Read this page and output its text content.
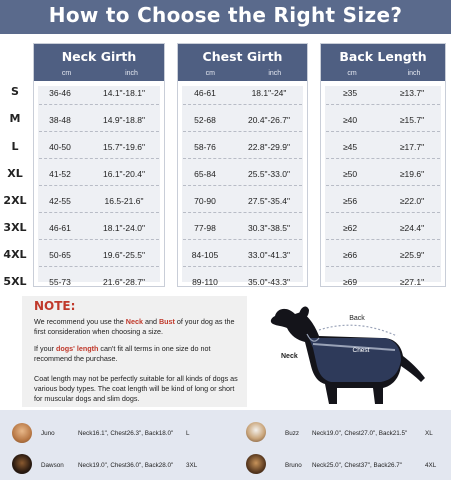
How to Choose the Right Size?
S
M
L
XL
2XL
3XL
4XL
5XL
Neck Girth
cm	inch
Chest Girth
cm	inch
Back Length
cm	inch
36-46	14.1"-18.1"
38-48	14.9"-18.8"
40-50	15.7"-19.6"
41-52	16.1"-20.4"
42-55	16.5-21.6"
46-61	18.1"-24.0"
50-65	19.6"-25.5"
55-73	21.6"-28.7"
46-61	18.1"-24"
52-68	20.4"-26.7"
58-76	22.8"-29.9"
65-84	25.5"-33.0"
70-90	27.5"-35.4"
77-98	30.3"-38.5"
84-105	33.0"-41.3"
89-110	35.0"-43.3"
≥35	≥13.7"
≥40	≥15.7"
≥45	≥17.7"
≥50	≥19.6"
≥56	≥22.0"
≥62	≥24.4"
≥66	≥25.9"
≥69	≥27.1"
NOTE:
We recommend you use the Neck and Bust of your dog as the first consideration when choosing a size.
If your dogs' length can't fit all terms in one size do not recommend the purchase.
Coat length may not be perfectly suitable for all kinds of dogs as various body types. The coat length will be kind of long or short for muscular dogs and slim dogs.
Back
Chest
Neck
Juno	Neck16.1", Chest26.3", Back18.0" L	Buzz Neck19.0", Chest27.0", Back21.5"	XL
Dawson Neck19.0", Chest36.0", Back28.0" 3XL	Bruno Neck25.0", Chest37", Back26.7"	4XL
